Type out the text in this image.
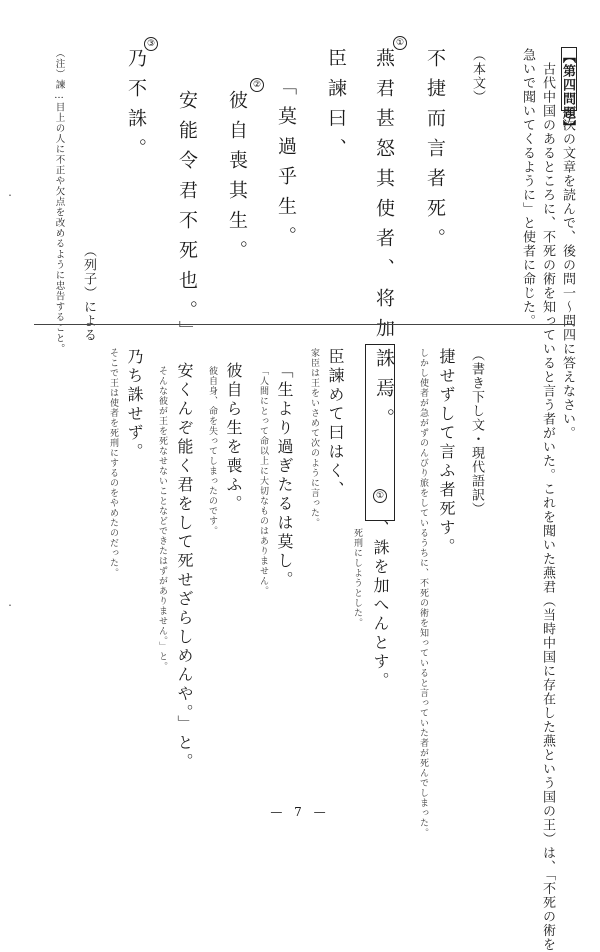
【第四問題】
次の文章を読んで、後の問一〜問四に答えなさい。
古代中国のあるところに、不死の術を知っていると言う者がいた。これを聞いた燕君（当時中国に存在した燕という国の王）は、「不死の術を
急いで聞いてくるように」と使者に命じた。
（本文）
不捷而言者死。
①
燕君甚怒其使者、将加誅焉。
臣諫曰、
「莫過乎生。
②
彼自喪其生。
安能令君不死也。」
③
乃不誅。
（列子）による
（注）諫…目上の人に不正や欠点を改めるように忠告すること。
（書き下し文・現代語訳）
捷せずして言ふ者死す。
しかし使者が急がずのんびり旅をしているうちに、不死の術を知っていると言っていた者が死んでしまった。
①
、誅を加へんとす。
死刑にしようとした。
臣諫めて曰はく、
家臣は王をいさめて次のように言った。
「生より過ぎたるは莫し。
「人間にとって命以上に大切なものはありません。
彼自ら生を喪ふ。
彼自身、命を失ってしまったのです。
安くんぞ能く君をして死せざらしめんや。」と。
そんな彼が王を死なせないことなどできたはずがありません。」と。
乃ち誅せず。
そこで王は使者を死刑にするのをやめたのだった。
・
・
— 7 —
